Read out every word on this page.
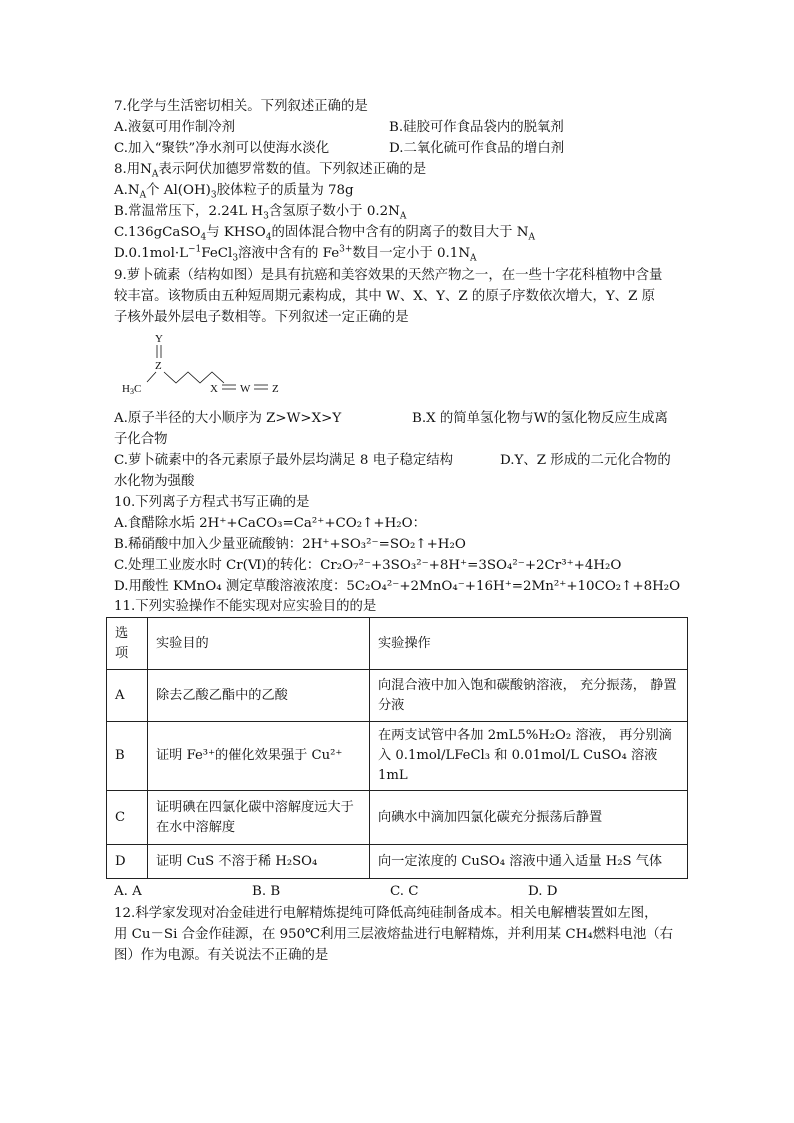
7.化学与生活密切相关。下列叙述正确的是
A.液氨可用作制冷剂	B.硅胶可作食品袋内的脱氧剂
C.加入“聚铁”净水剂可以使海水淡化	D.二氧化硫可作食品的增白剂
8.用$N_A$表示阿伏加德罗常数的值。下列叙述正确的是
$A.N_A$个 $Al(OH)_3$胶体粒子的质量为 78g
B.常温常压下，2.24L $H_3$含氢原子数小于 $0.2N_A$
C.136gCaSO$_4$与 $KHSO_4$的固体混合物中含有的阴离子的数目大于 $N_A$
$D.0.1mol\cdot L^{-1}FeCl_3$溶液中含有的 $Fe^{3+}$数目一定小于 $0.1N_A$
9.萝卜硫素（结构如图）是具有抗癌和美容效果的天然产物之一，在一些十字花科植物中含量
较丰富。该物质由五种短周期元素构成，其中 W、X、Y、Z 的原子序数依次增大，Y、Z 原
子核外最外层电子数相等。下列叙述一定正确的是
Y
Z
H3C	X W Z
A.原子半径的大小顺序为 Z>W>X>Y	B.X 的简单氢化物与W的氢化物反应生成离
子化合物
C.萝卜硫素中的各元素原子最外层均满足 8 电子稳定结构	D.Y、Z 形成的二元化合物的
水化物为强酸
10.下列离子方程式书写正确的是
A.食醋除水垢 2H⁺+CaCO₃=Ca²⁺+CO₂↑+H₂O：
B.稀硝酸中加入少量亚硫酸钠：2H⁺+SO₃²⁻=SO₂↑+H₂O
C.处理工业废水时 Cr(Ⅵ)的转化：Cr₂O₇²⁻+3SO₃²⁻+8H⁺=3SO₄²⁻+2Cr³⁺+4H₂O
D.用酸性 KMnO₄ 测定草酸溶液浓度：5C₂O₄²⁻+2MnO₄⁻+16H⁺=2Mn²⁺+10CO₂↑+8H₂O
11.下列实验操作不能实现对应实验目的的是
选项	实验目的	实验操作
A	除去乙酸乙酯中的乙酸	向混合液中加入饱和碳酸钠溶液， 充分振荡， 静置分液
B	证明 Fe³⁺的催化效果强于 Cu²⁺	在两支试管中各加 2mL5%H₂O₂ 溶液， 再分别滴入 0.1mol/LFeCl₃ 和 0.01mol/L CuSO₄ 溶液 1mL
C	证明碘在四氯化碳中溶解度远大于在水中溶解度	向碘水中滴加四氯化碳充分振荡后静置
D	证明 CuS 不溶于稀 H₂SO₄	向一定浓度的 CuSO₄ 溶液中通入适量 H₂S 气体
A. A	B. B	C. C	D. D
12.科学家发现对冶金硅进行电解精炼提纯可降低高纯硅制备成本。相关电解槽装置如左图，
用 Cu－Si 合金作硅源，在 950℃利用三层液熔盐进行电解精炼，并利用某 CH₄燃料电池（右
图）作为电源。有关说法不正确的是
